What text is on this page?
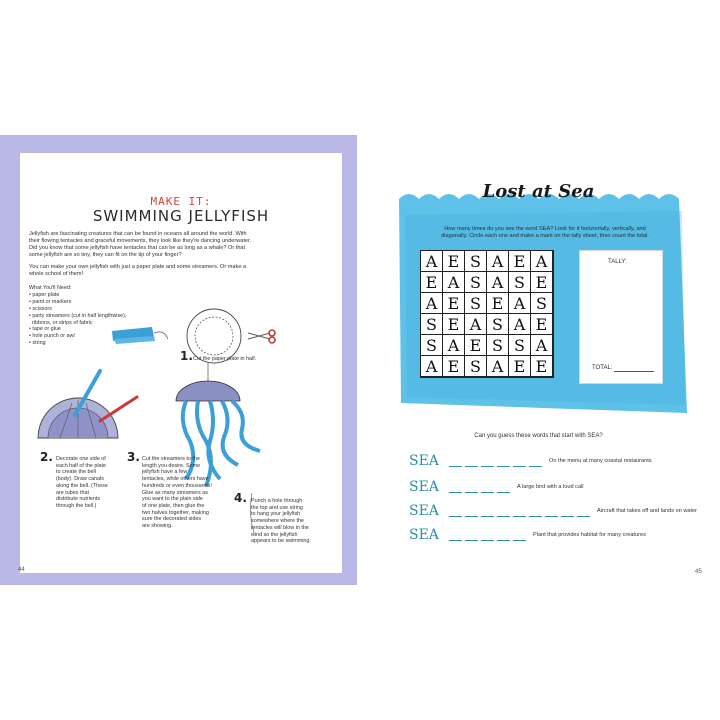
MAKE IT:
SWIMMING JELLYFISH
Jellyfish are fascinating creatures that can be found in oceans all around the world. With
their flowing tentacles and graceful movements, they look like they're dancing underwater.
Did you know that some jellyfish have tentacles that can be as long as a whale? Or that
some jellyfish are so tiny, they can fit on the tip of your finger?
You can make your own jellyfish with just a paper plate and some streamers. Or make a
whole school of them!
What You'll Need:
• paper plate
• paint or markers
• scissors
• party streamers (cut in half lengthwise),
ribbons, or strips of fabric
• tape or glue
• hole punch or awl
• string
1. Cut the paper plate in half.
2. Decorate one side of
each half of the plate
to create the bell
(body). Draw canals
along the bell. (These
are tubes that
distribute nutrients
through the bell.)
3. Cut the streamers to the
length you desire. Some
jellyfish have a few
tentacles, while others have
hundreds or even thousands!
Glue as many streamers as
you want to the plain side
of one plate, then glue the
two halves together, making
sure the decorated sides
are showing.
4. Punch a hole through
the top and use string
to hang your jellyfish
somewhere where the
tentacles will blow in the
wind so the jellyfish
appears to be swimming.
44
Lost at Sea
How many times do you see the word SEA? Look for it horizontally, vertically, and
diagonally. Circle each one and make a mark on the tally sheet, then count the total.
A E S A E A
E A S A S E
A E S E A S
S E A S A E
S A E S S A
A E S A E E
TALLY:
TOTAL:
Can you guess these words that start with SEA?
SEA	On the menu at many coastal restaurants
SEA	A large bird with a loud call
SEA	Aircraft that takes off and lands on water
SEA	Plant that provides habitat for many creatures
45
